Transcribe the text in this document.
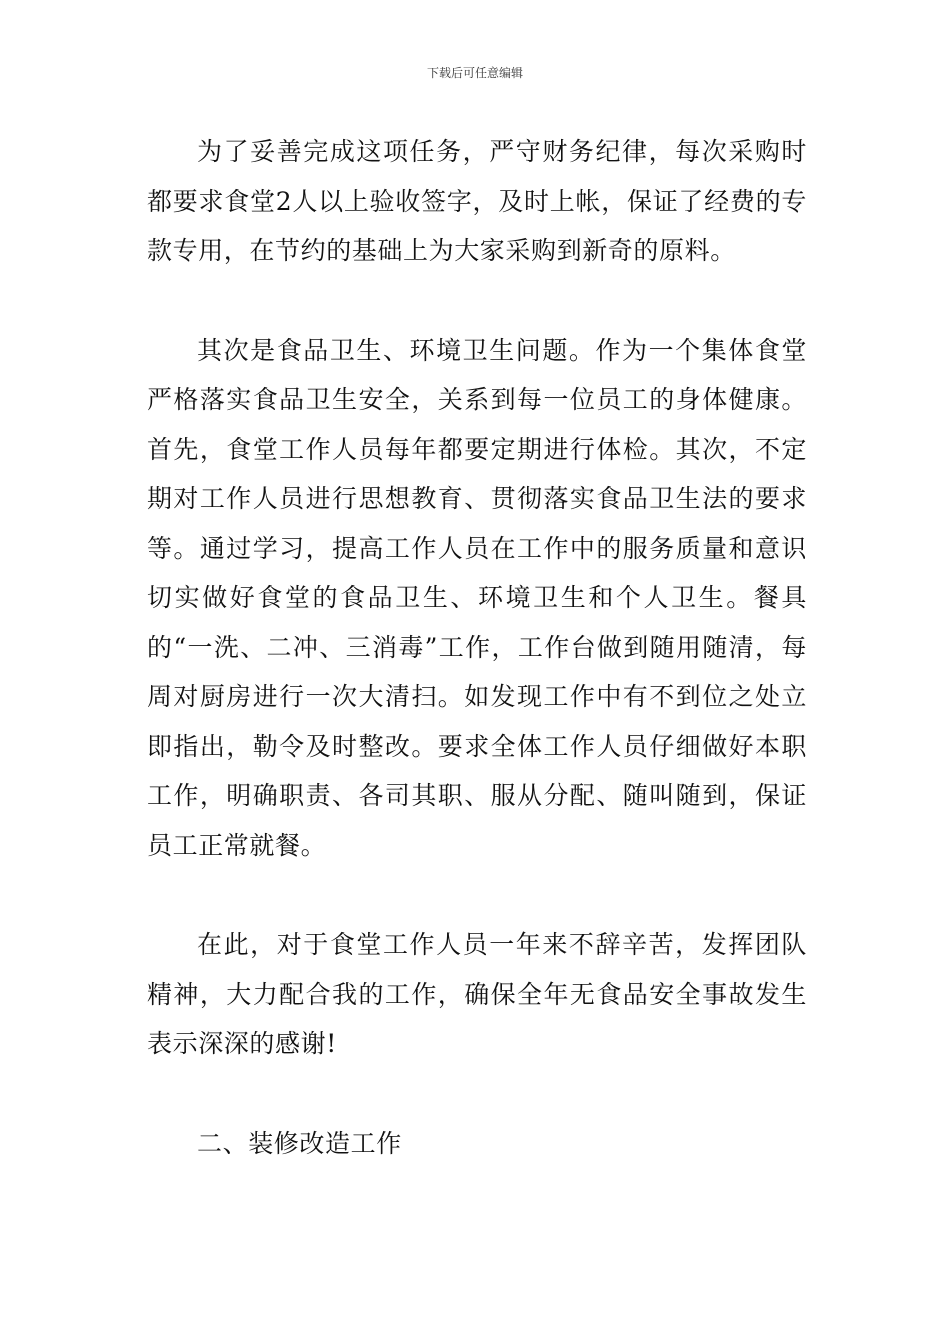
下载后可任意编辑

为了妥善完成这项任务，严守财务纪律，每次采购时都要求食堂2人以上验收签字，及时上帐，保证了经费的专款专用，在节约的基础上为大家采购到新奇的原料。

其次是食品卫生、环境卫生问题。作为一个集体食堂严格落实食品卫生安全，关系到每一位员工的身体健康。首先，食堂工作人员每年都要定期进行体检。其次，不定期对工作人员进行思想教育、贯彻落实食品卫生法的要求等。通过学习，提高工作人员在工作中的服务质量和意识切实做好食堂的食品卫生、环境卫生和个人卫生。餐具的“一洗、二冲、三消毒”工作，工作台做到随用随清，每周对厨房进行一次大清扫。如发现工作中有不到位之处立即指出，勒令及时整改。要求全体工作人员仔细做好本职工作，明确职责、各司其职、服从分配、随叫随到，保证员工正常就餐。

在此，对于食堂工作人员一年来不辞辛苦，发挥团队精神，大力配合我的工作，确保全年无食品安全事故发生表示深深的感谢!

二、装修改造工作
